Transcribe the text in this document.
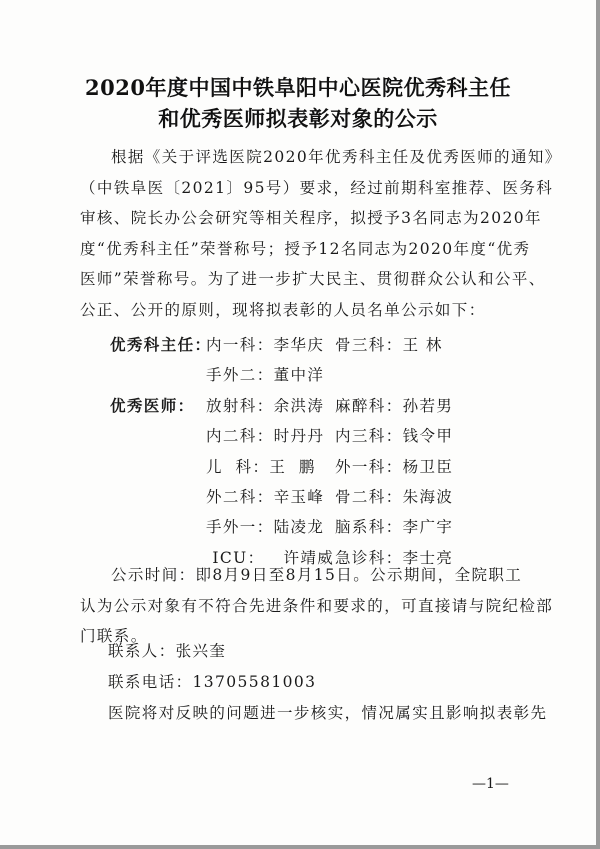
2020年度中国中铁阜阳中心医院优秀科主任
和优秀医师拟表彰对象的公示
根据《关于评选医院2020年优秀科主任及优秀医师的通知》
（中铁阜医〔2021〕95号）要求，经过前期科室推荐、医务科
审核、院长办公会研究等相关程序，拟授予3名同志为2020年
度“优秀科主任”荣誉称号；授予12名同志为2020年度“优秀
医师”荣誉称号。为了进一步扩大民主、贯彻群众公认和公平、
公正、公开的原则，现将拟表彰的人员名单公示如下：
优秀科主任：
内一科：李华庆 骨三科：王 林
手外二：董中洋
优秀医师： 放射科：余洪涛 麻醉科：孙若男
内二科：时丹丹 内三科：钱令甲
儿  科：王  鹏 外一科：杨卫臣
外二科：辛玉峰 骨二科：朱海波
手外一：陆凌龙 脑系科：李广宇
ICU：   许靖威 急诊科：李士亮
公示时间：即8月9日至8月15日。公示期间，全院职工
认为公示对象有不符合先进条件和要求的，可直接请与院纪检部
门联系。
联系人：张兴奎
联系电话：13705581003
医院将对反映的问题进一步核实，情况属实且影响拟表彰先
—1—
